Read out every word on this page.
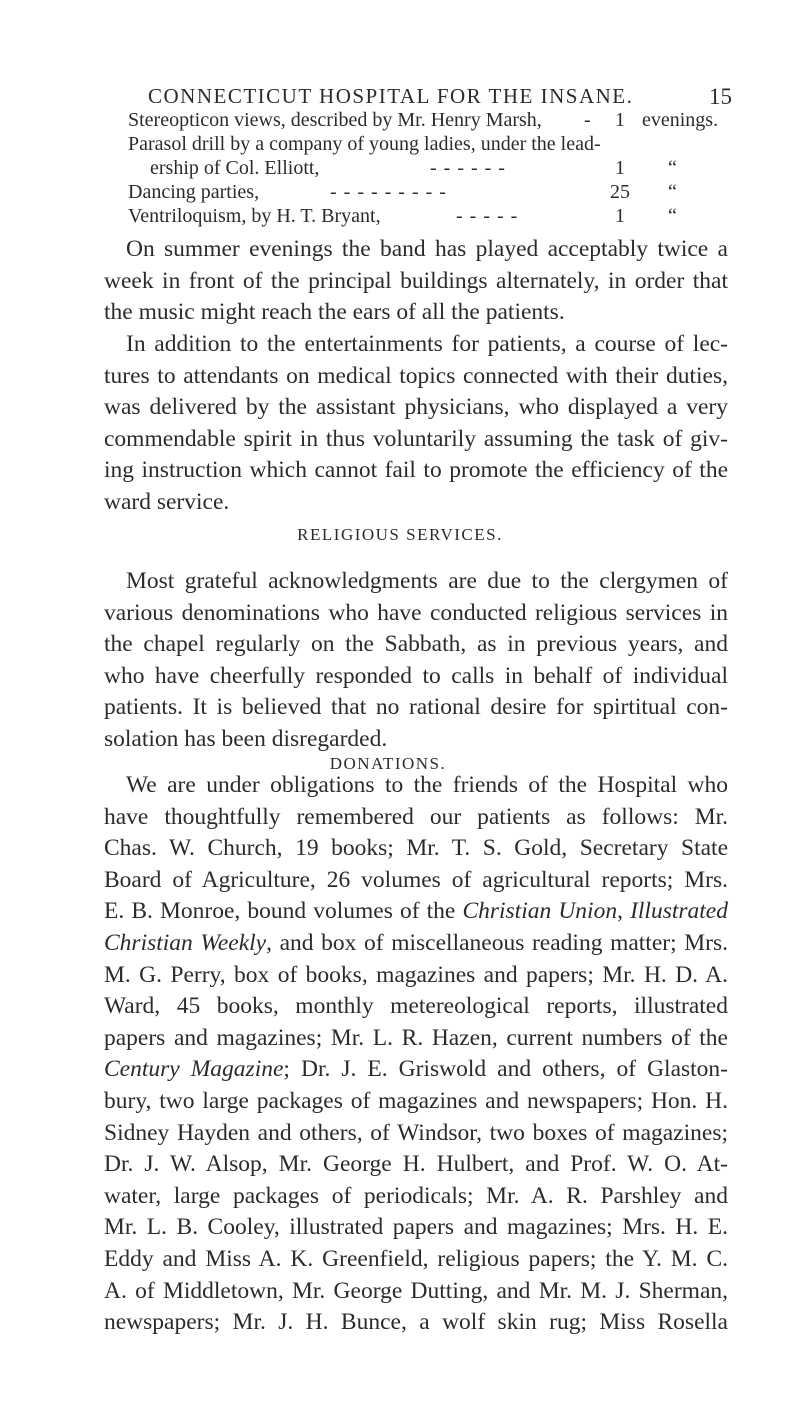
CONNECTICUT HOSPITAL FOR THE INSANE.	15
Stereopticon views, described by Mr. Henry Marsh, -	1 evenings.
Parasol drill by a company of young ladies, under the lead-
ership of Col. Elliott,	- - - - - -	1	“
Dancing parties,	- - - - - - - - -	25 “
Ventriloquism, by H. T. Bryant,	- - - - -	1	“

On summer evenings the band has played acceptably twice a
week in front of the principal buildings alternately, in order that
the music might reach the ears of all the patients.

In addition to the entertainments for patients, a course of lec-
tures to attendants on medical topics connected with their duties,
was delivered by the assistant physicians, who displayed a very
commendable spirit in thus voluntarily assuming the task of giv-
ing instruction which cannot fail to promote the efficiency of the
ward service.

RELIGIOUS SERVICES.

Most grateful acknowledgments are due to the clergymen of
various denominations who have conducted religious services in
the chapel regularly on the Sabbath, as in previous years, and
who have cheerfully responded to calls in behalf of individual
patients. It is believed that no rational desire for spirtitual con-
solation has been disregarded.

DONATIONS.

We are under obligations to the friends of the Hospital who
have thoughtfully remembered our patients as follows: Mr.
Chas. W. Church, 19 books; Mr. T. S. Gold, Secretary State
Board of Agriculture, 26 volumes of agricultural reports; Mrs.
E. B. Monroe, bound volumes of the Christian Union, Illustrated
Christian Weekly, and box of miscellaneous reading matter; Mrs.
M. G. Perry, box of books, magazines and papers; Mr. H. D. A.
Ward, 45 books, monthly metereological reports, illustrated
papers and magazines; Mr. L. R. Hazen, current numbers of the
Century Magazine; Dr. J. E. Griswold and others, of Glaston-
bury, two large packages of magazines and newspapers; Hon. H.
Sidney Hayden and others, of Windsor, two boxes of magazines;
Dr. J. W. Alsop, Mr. George H. Hulbert, and Prof. W. O. At-
water, large packages of periodicals; Mr. A. R. Parshley and
Mr. L. B. Cooley, illustrated papers and magazines; Mrs. H. E.
Eddy and Miss A. K. Greenfield, religious papers; the Y. M. C.
A. of Middletown, Mr. George Dutting, and Mr. M. J. Sherman,
newspapers; Mr. J. H. Bunce, a wolf skin rug; Miss Rosella
